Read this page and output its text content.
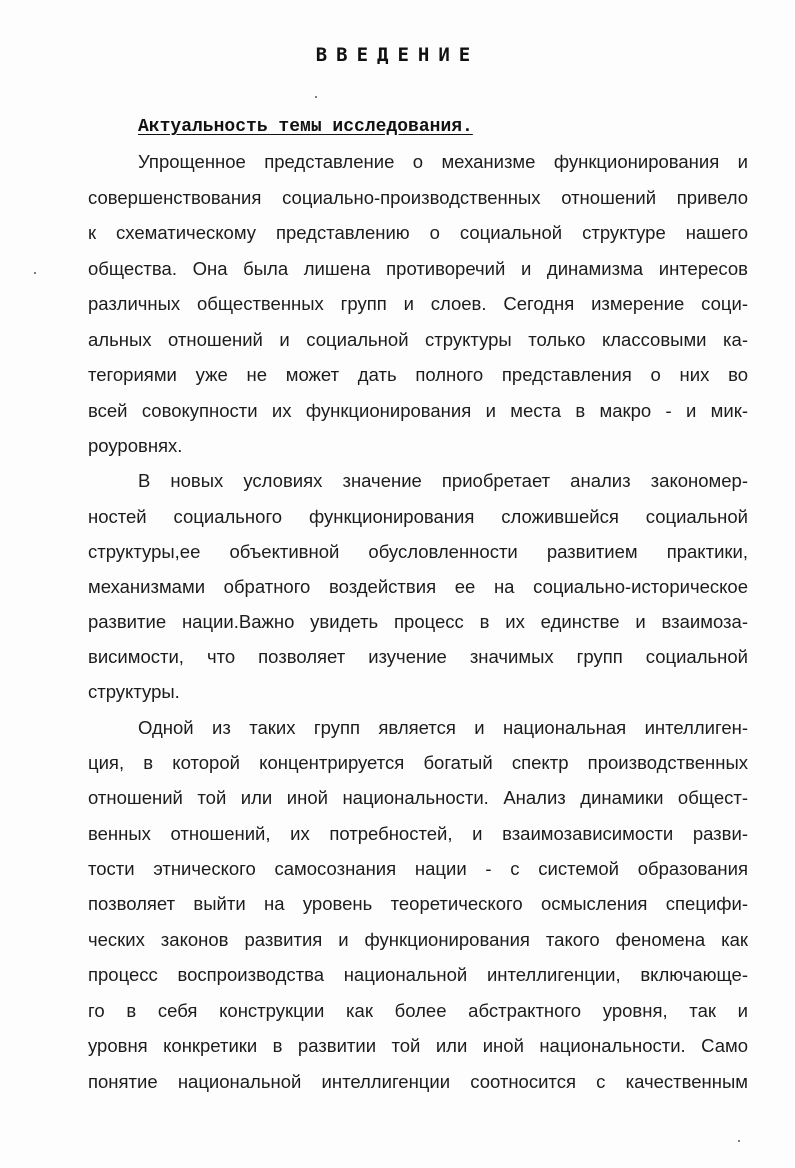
ВВЕДЕНИЕ
Актуальность темы исследования.
Упрощенное представление о механизме функционирования и
совершенствования социально-производственных отношений привело
к схематическому представлению о социальной структуре нашего
общества. Она была лишена противоречий и динамизма интересов
различных общественных групп и слоев. Сегодня измерение соци-
альных отношений и социальной структуры только классовыми ка-
тегориями уже не может дать полного представления о них во
всей совокупности их функционирования и места в макро - и мик-
роуровнях.
В новых условиях значение приобретает анализ закономер-
ностей социального функционирования сложившейся социальной
структуры,ее объективной обусловленности развитием практики,
механизмами обратного воздействия ее на социально-историческое
развитие нации.Важно увидеть процесс в их единстве и взаимоза-
висимости, что позволяет изучение значимых групп социальной
структуры.
Одной из таких групп является и национальная интеллиген-
ция, в которой концентрируется богатый спектр производственных
отношений той или иной национальности. Анализ динамики общест-
венных отношений, их потребностей, и взаимозависимости разви-
тости этнического самосознания нации - с системой образования
позволяет выйти на уровень теоретического осмысления специфи-
ческих законов развития и функционирования такого феномена как
процесс воспроизводства национальной интеллигенции, включающе-
го в себя конструкции как более абстрактного уровня, так и
уровня конкретики в развитии той или иной национальности. Само
понятие национальной интеллигенции соотносится с качественным
